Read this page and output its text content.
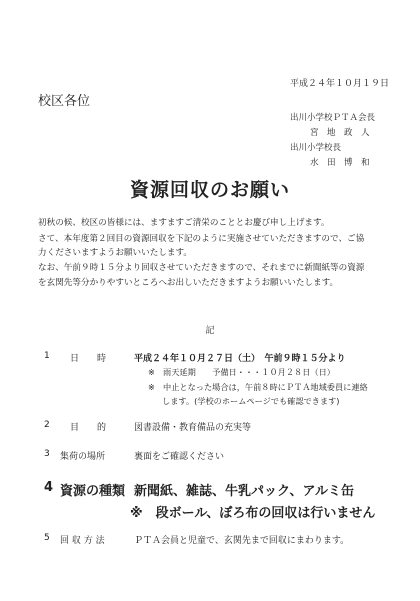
平成２４年１０月１９日
校区各位
出川小学校ＰＴＡ会長
宮　地　政　人
出川小学校長
水　田　博　和
資源回収のお願い
初秋の候、校区の皆様には、ますますご清栄のこととお慶び申し上げます。
さて、本年度第２回目の資源回収を下記のように実施させていただきますので、ご協
力くださいますようお願いいたします。
なお、午前９時１５分より回収させていただきますので、それまでに新聞紙等の資源
を玄関先等分かりやすいところへお出しいただきますようお願いいたします。
記
1 日　　時	平成２４年１０月２７日（土）　午前９時１５分より
※　雨天延期　　予備日・・・１０月２８日（日）
※　中止となった場合は，午前８時にＰＴＡ地域委員に連絡
します。(学校のホームページでも確認できます)
2 目　　的	図書設備・教育備品の充実等
3 集荷の場所	裏面をご確認ください
4 資源の種類 新聞紙、雑誌、牛乳パック、アルミ缶
※　段ボール、ぼろ布の回収は行いません
5 回 収 方 法	ＰＴＡ会員と児童で、玄関先まで回収にまわります。
